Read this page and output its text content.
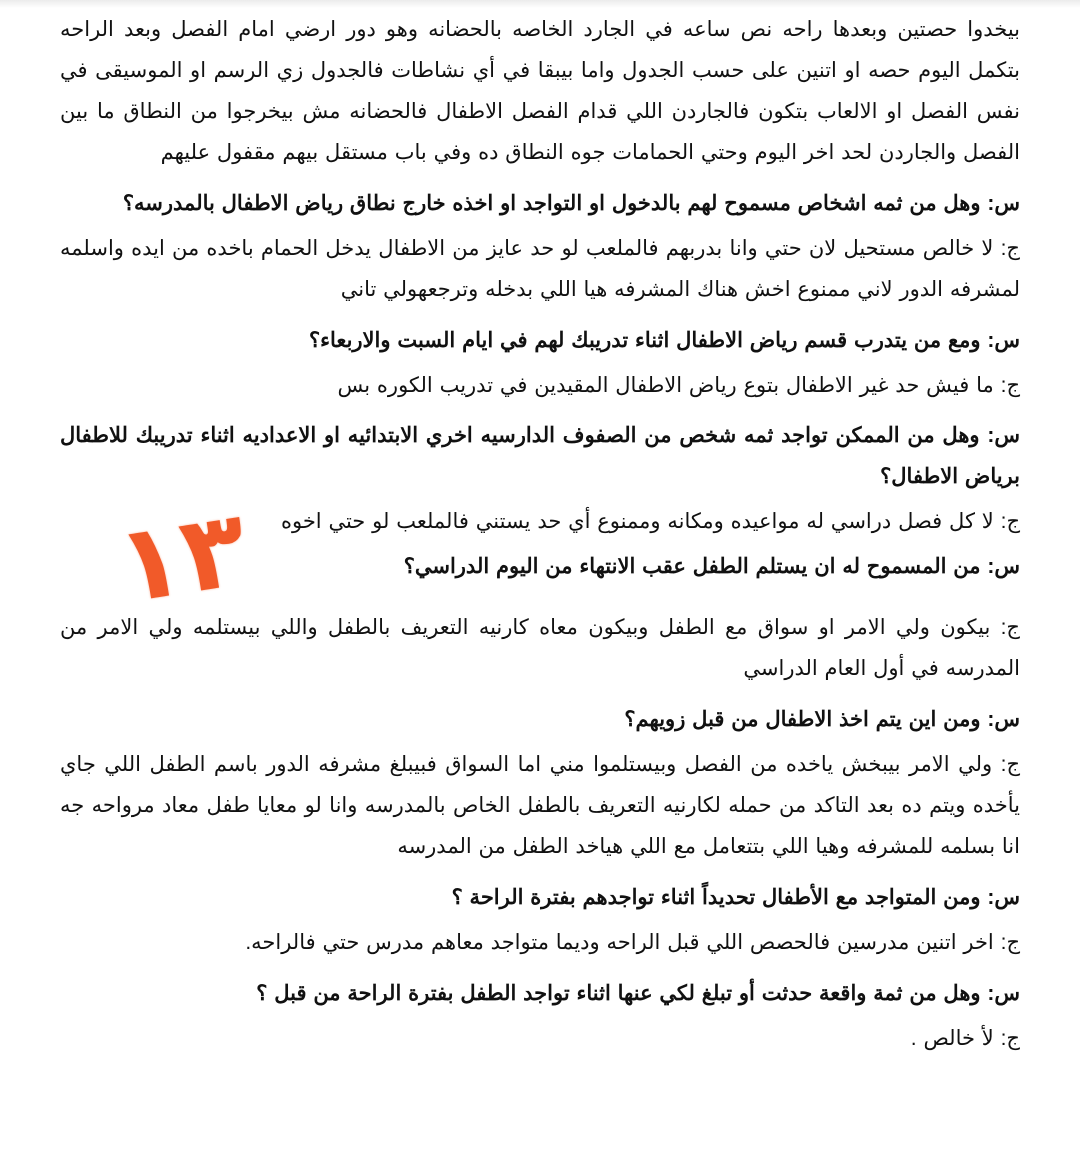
بيخدوا حصتين وبعدها راحه نص ساعه في الجارد الخاصه بالحضانه وهو دور ارضي امام الفصل وبعد الراحه بتكمل اليوم حصه او اتنين على حسب الجدول واما بيبقا في أي نشاطات فالجدول زي الرسم او الموسيقى في نفس الفصل او الالعاب بتكون فالجاردن اللي قدام الفصل الاطفال فالحضانه مش بيخرجوا من النطاق ما بين الفصل والجاردن لحد اخر اليوم وحتي الحمامات جوه النطاق ده وفي باب مستقل بيهم مقفول عليهم

س: وهل من ثمه اشخاص مسموح لهم بالدخول او التواجد او اخذه خارج نطاق رياض الاطفال بالمدرسه؟

ج: لا خالص مستحيل لان حتي وانا بدربهم فالملعب لو حد عايز من الاطفال يدخل الحمام باخده من ايده واسلمه لمشرفه الدور لاني ممنوع اخش هناك المشرفه هيا اللي بدخله وترجعهولي تاني

س: ومع من يتدرب قسم رياض الاطفال اثناء تدريبك لهم في ايام السبت والاربعاء؟

ج: ما فيش حد غير الاطفال بتوع رياض الاطفال المقيدين في تدريب الكوره بس

س: وهل من الممكن تواجد ثمه شخص من الصفوف الدارسيه اخري الابتدائيه او الاعداديه اثناء تدريبك للاطفال برياض الاطفال؟

ج: لا كل فصل دراسي له مواعيده ومكانه وممنوع أي حد يستني فالملعب لو حتي اخوه

س: من المسموح له ان يستلم الطفل عقب الانتهاء من اليوم الدراسي؟

ج: بيكون ولي الامر او سواق مع الطفل وبيكون معاه كارنيه التعريف بالطفل واللي بيستلمه ولي الامر من المدرسه في أول العام الدراسي

س: ومن اين يتم اخذ الاطفال من قبل زويهم؟

ج: ولي الامر بيبخش ياخده من الفصل وبيستلموا مني اما السواق فبيبلغ مشرفه الدور باسم الطفل اللي جاي يأخده ويتم ده بعد التاكد من حمله لكارنيه التعريف بالطفل الخاص بالمدرسه وانا لو معايا طفل معاد مرواحه جه انا بسلمه للمشرفه وهيا اللي بتتعامل مع اللي هياخد الطفل من المدرسه

س: ومن المتواجد مع الأطفال تحديداً اثناء تواجدهم بفترة الراحة ؟

ج: اخر اتنين مدرسين فالحصص اللي قبل الراحه وديما متواجد معاهم مدرس حتي فالراحه.

س: وهل من ثمة واقعة حدثت أو تبلغ لكي عنها اثناء تواجد الطفل بفترة الراحة من قبل ؟

ج: لأ خالص .

١٣
